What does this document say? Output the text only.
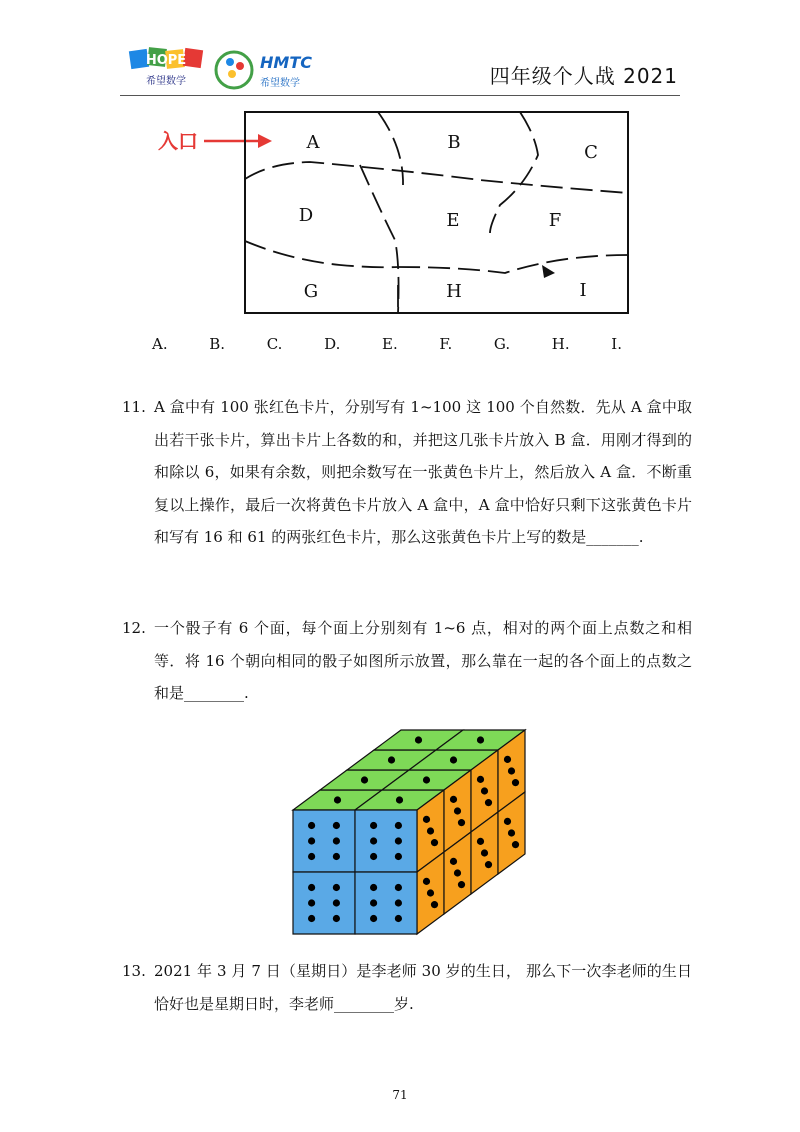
HOPE
希望数学
HMTC
希望数学	四年级个人战 2021
入口	A	B	C
D	E	F
G	H	I
A.	B.	C.	D.	E.	F.	G.	H.	I.
11. A 盒中有 100 张红色卡片，分别写有 1~100 这 100 个自然数．先从 A 盒中取出若干张卡片，算出卡片上各数的和，并把这几张卡片放入 B 盒．用刚才得到的和除以 6，如果有余数，则把余数写在一张黄色卡片上，然后放入 A 盒．不断重复以上操作，最后一次将黄色卡片放入 A 盒中，A 盒中恰好只剩下这张黄色卡片和写有 16 和 61 的两张红色卡片，那么这张黄色卡片上写的数是_______.
12. 一个骰子有 6 个面，每个面上分别刻有 1~6 点，相对的两个面上点数之和相等．将 16 个朝向相同的骰子如图所示放置，那么靠在一起的各个面上的点数之和是________.
13. 2021 年 3 月 7 日（星期日）是李老师 30 岁的生日， 那么下一次李老师的生日恰好也是星期日时，李老师________岁.
71
